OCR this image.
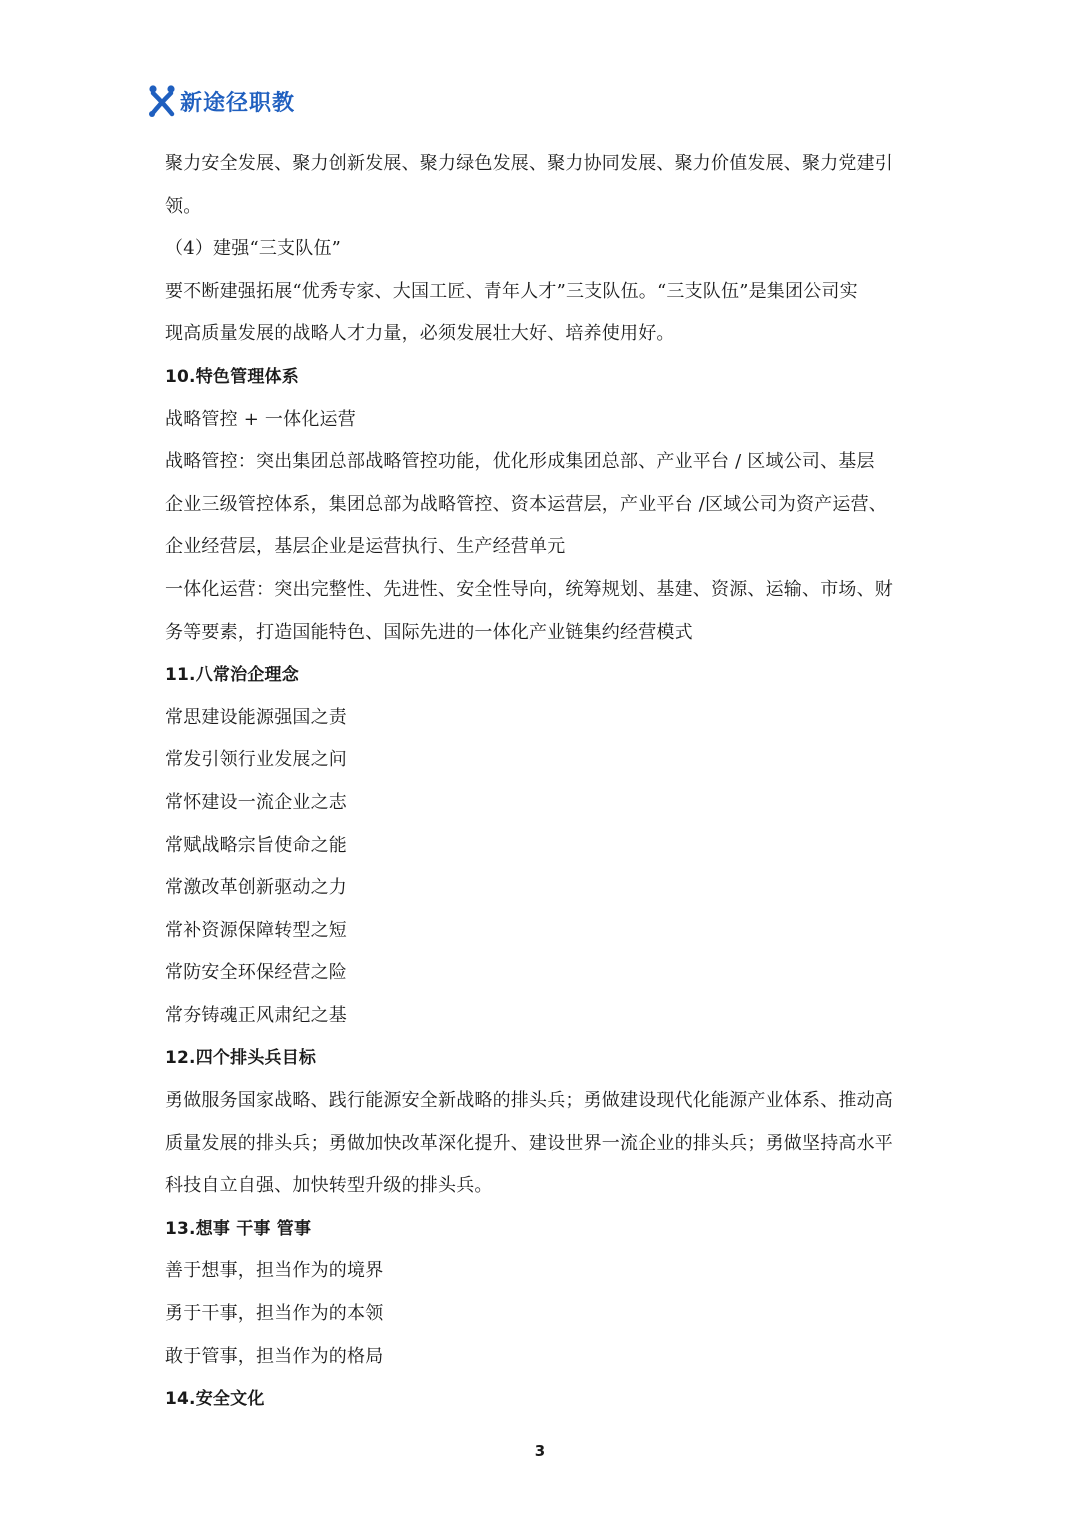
新途径职教
聚力安全发展、聚力创新发展、聚力绿色发展、聚力协同发展、聚力价值发展、聚力党建引
领。
（4）建强“三支队伍”
要不断建强拓展“优秀专家、大国工匠、青年人才”三支队伍。“三支队伍”是集团公司实
现高质量发展的战略人才力量，必须发展壮大好、培养使用好。
10.特色管理体系
战略管控 + 一体化运营
战略管控：突出集团总部战略管控功能，优化形成集团总部、产业平台 / 区域公司、基层
企业三级管控体系，集团总部为战略管控、资本运营层，产业平台 /区域公司为资产运营、
企业经营层，基层企业是运营执行、生产经营单元
一体化运营：突出完整性、先进性、安全性导向，统筹规划、基建、资源、运输、市场、财
务等要素，打造国能特色、国际先进的一体化产业链集约经营模式
11.八常治企理念
常思建设能源强国之责
常发引领行业发展之问
常怀建设一流企业之志
常赋战略宗旨使命之能
常激改革创新驱动之力
常补资源保障转型之短
常防安全环保经营之险
常夯铸魂正风肃纪之基
12.四个排头兵目标
勇做服务国家战略、践行能源安全新战略的排头兵；勇做建设现代化能源产业体系、推动高
质量发展的排头兵；勇做加快改革深化提升、建设世界一流企业的排头兵；勇做坚持高水平
科技自立自强、加快转型升级的排头兵。
13.想事 干事 管事
善于想事，担当作为的境界
勇于干事，担当作为的本领
敢于管事，担当作为的格局
14.安全文化
3
